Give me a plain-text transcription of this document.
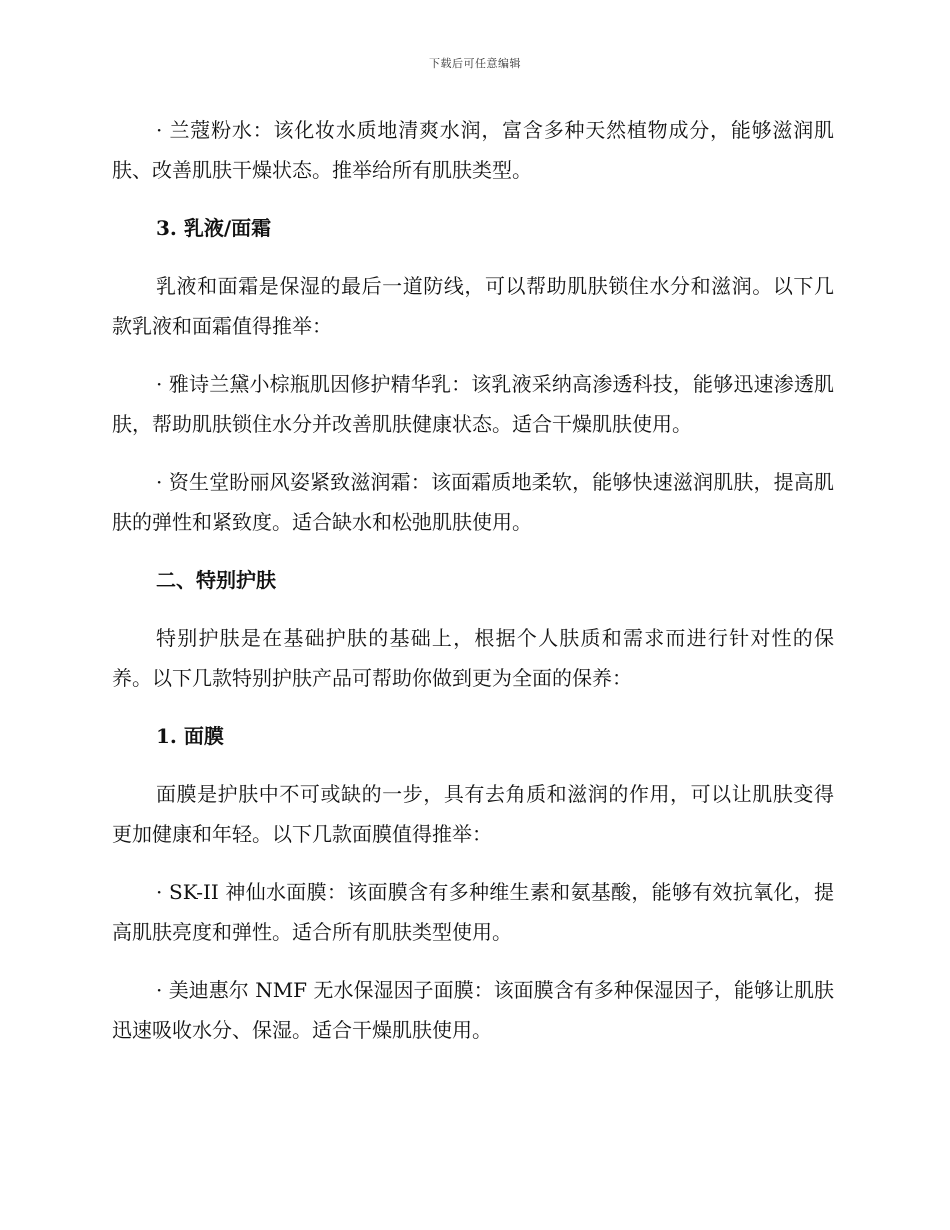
下载后可任意编辑

· 兰蔻粉水：该化妆水质地清爽水润，富含多种天然植物成分，能够滋润肌肤、改善肌肤干燥状态。推举给所有肌肤类型。

3. 乳液/面霜

乳液和面霜是保湿的最后一道防线，可以帮助肌肤锁住水分和滋润。以下几款乳液和面霜值得推举：

· 雅诗兰黛小棕瓶肌因修护精华乳：该乳液采纳高渗透科技，能够迅速渗透肌肤，帮助肌肤锁住水分并改善肌肤健康状态。适合干燥肌肤使用。

· 资生堂盼丽风姿紧致滋润霜：该面霜质地柔软，能够快速滋润肌肤，提高肌肤的弹性和紧致度。适合缺水和松弛肌肤使用。

二、特别护肤

特别护肤是在基础护肤的基础上，根据个人肤质和需求而进行针对性的保养。以下几款特别护肤产品可帮助你做到更为全面的保养：

1. 面膜

面膜是护肤中不可或缺的一步，具有去角质和滋润的作用，可以让肌肤变得更加健康和年轻。以下几款面膜值得推举：

· SK-II 神仙水面膜：该面膜含有多种维生素和氨基酸，能够有效抗氧化，提高肌肤亮度和弹性。适合所有肌肤类型使用。

· 美迪惠尔 NMF 无水保湿因子面膜：该面膜含有多种保湿因子，能够让肌肤迅速吸收水分、保湿。适合干燥肌肤使用。
